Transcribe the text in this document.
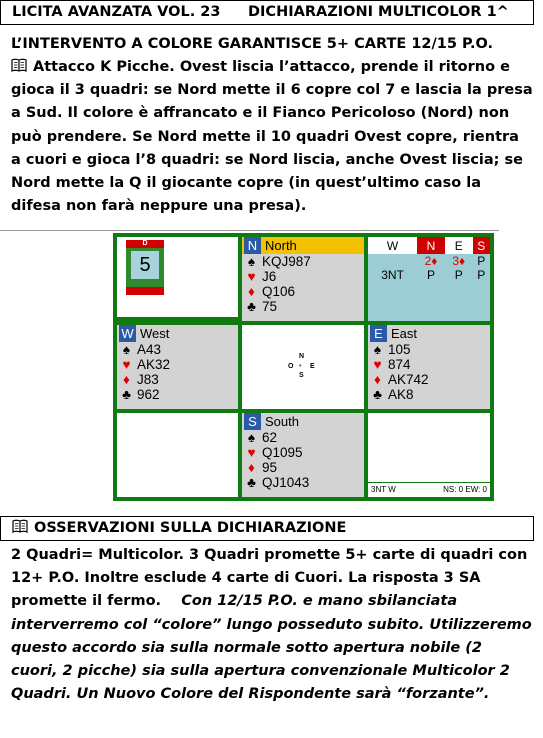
LICITA AVANZATA VOL. 23 DICHIARAZIONI MULTICOLOR 1^
L’INTERVENTO A COLORE GARANTISCE 5+ CARTE 12/15 P.O.
Attacco K Picche. Ovest liscia l’attacco, prende il ritorno e gioca il 3 quadri: se Nord mette il 6 copre col 7 e lascia la presa a Sud. Il colore è affrancato e il Fianco Pericoloso (Nord) non può prendere. Se Nord mette il 10 quadri Ovest copre, rientra a cuori e gioca l’8 quadri: se Nord liscia, anche Ovest liscia; se Nord mette la Q il giocante copre (in quest’ultimo caso la difesa non farà neppure una presa).
D
5
N North
♠ KQJ987
♥ J6
♦ Q106
♣ 75
W	N	E	S
	2♦	3♦	P
3NT	P	P	P
W West
♠ A43
♥ AK32
♦ J83
♣ 962
N
O E
S
•
E East
♠ 105
♥ 874
♦ AK742
♣ AK8
S South
♠ 62
♥ Q1095
♦ 95
♣ QJ1043	3NT W	NS: 0 EW: 0
OSSERVAZIONI SULLA DICHIARAZIONE
2 Quadri= Multicolor. 3 Quadri promette 5+ carte di quadri con 12+ P.O. Inoltre esclude 4 carte di Cuori. La risposta 3 SA promette il fermo. Con 12/15 P.O. e mano sbilanciata interverremo col “colore” lungo posseduto subito. Utilizzeremo questo accordo sia sulla normale sotto apertura nobile (2 cuori, 2 picche) sia sulla apertura convenzionale Multicolor 2 Quadri. Un Nuovo Colore del Rispondente sarà “forzante”.
